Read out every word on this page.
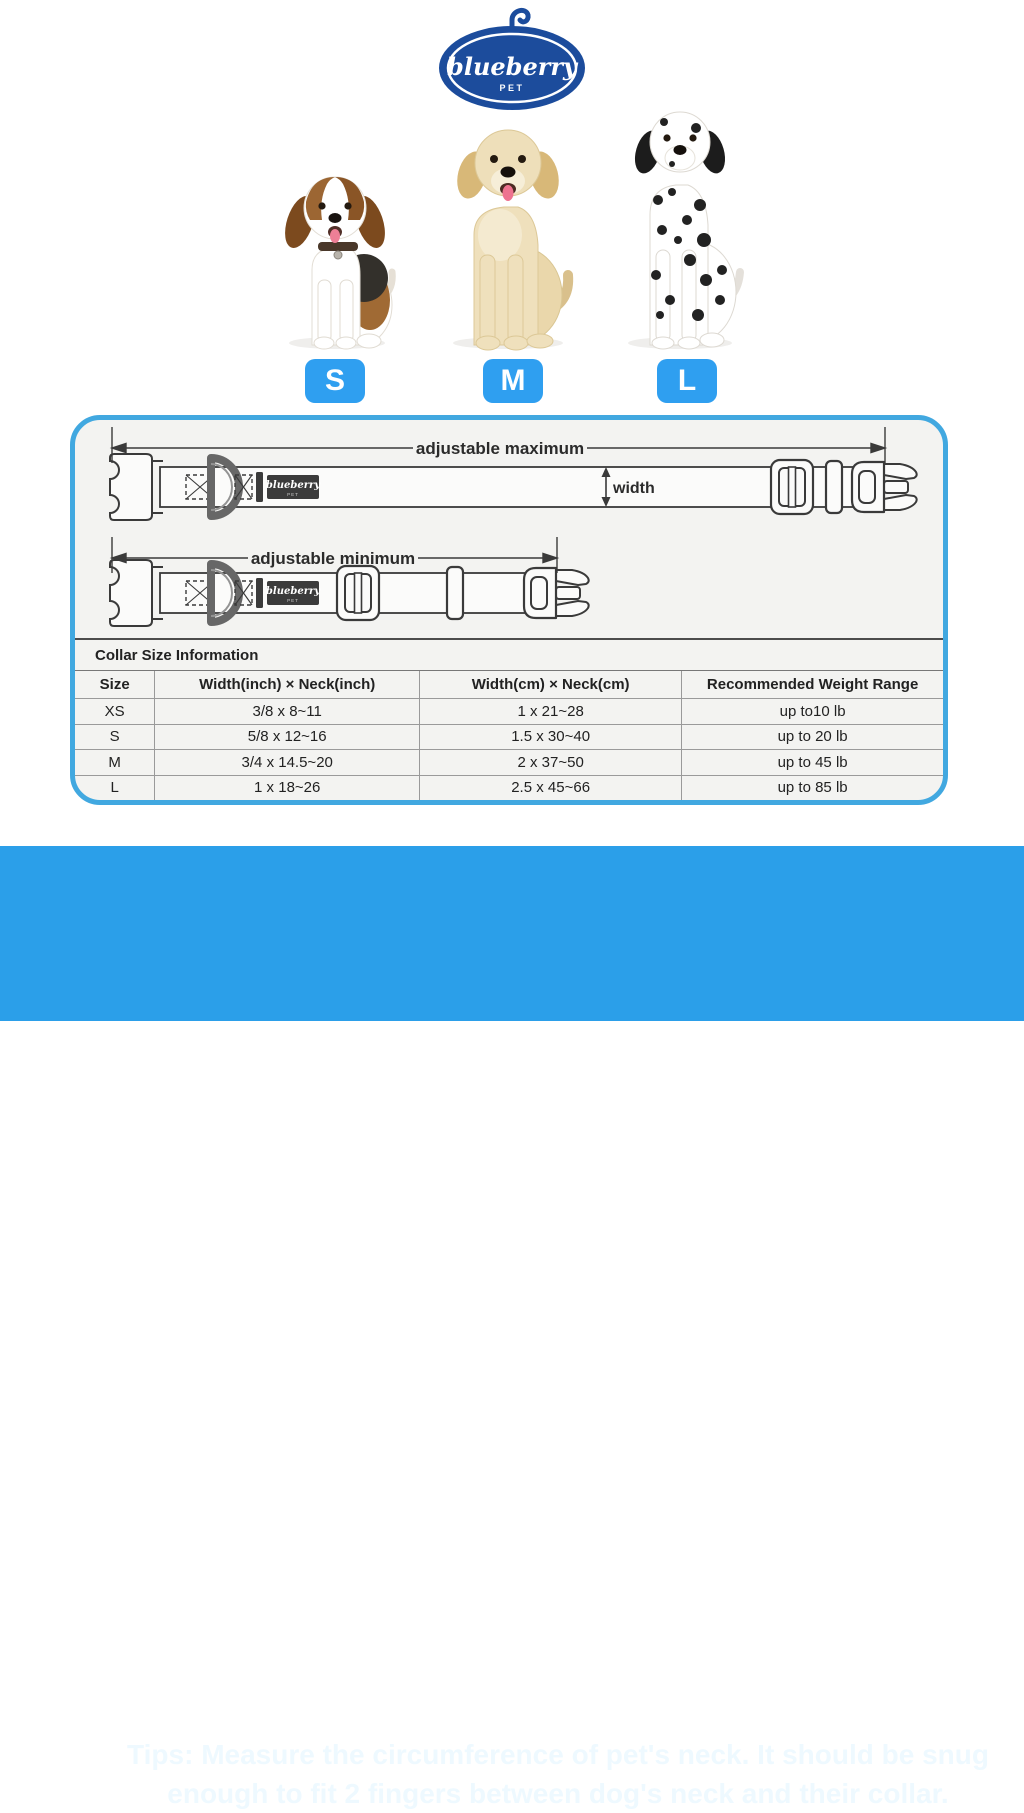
blueberry
PET
S	M	L
blueberry
PET
adjustable maximum
width
blueberry
PET
adjustable minimum
Collar Size Information			
Size	Width(inch) × Neck(inch)	Width(cm) × Neck(cm)	Recommended Weight Range
XS	3/8 x 8~11	1 x 21~28	up to10 lb
S	5/8 x 12~16	1.5 x 30~40	up to 20 lb
M	3/4 x 14.5~20	2 x 37~50	up to 45 lb
L	1 x 18~26	2.5 x 45~66	up to 85 lb
Tips: Measure the circumference of pet's neck. It should be snug
enough to fit 2 fingers between dog's neck and their collar.
